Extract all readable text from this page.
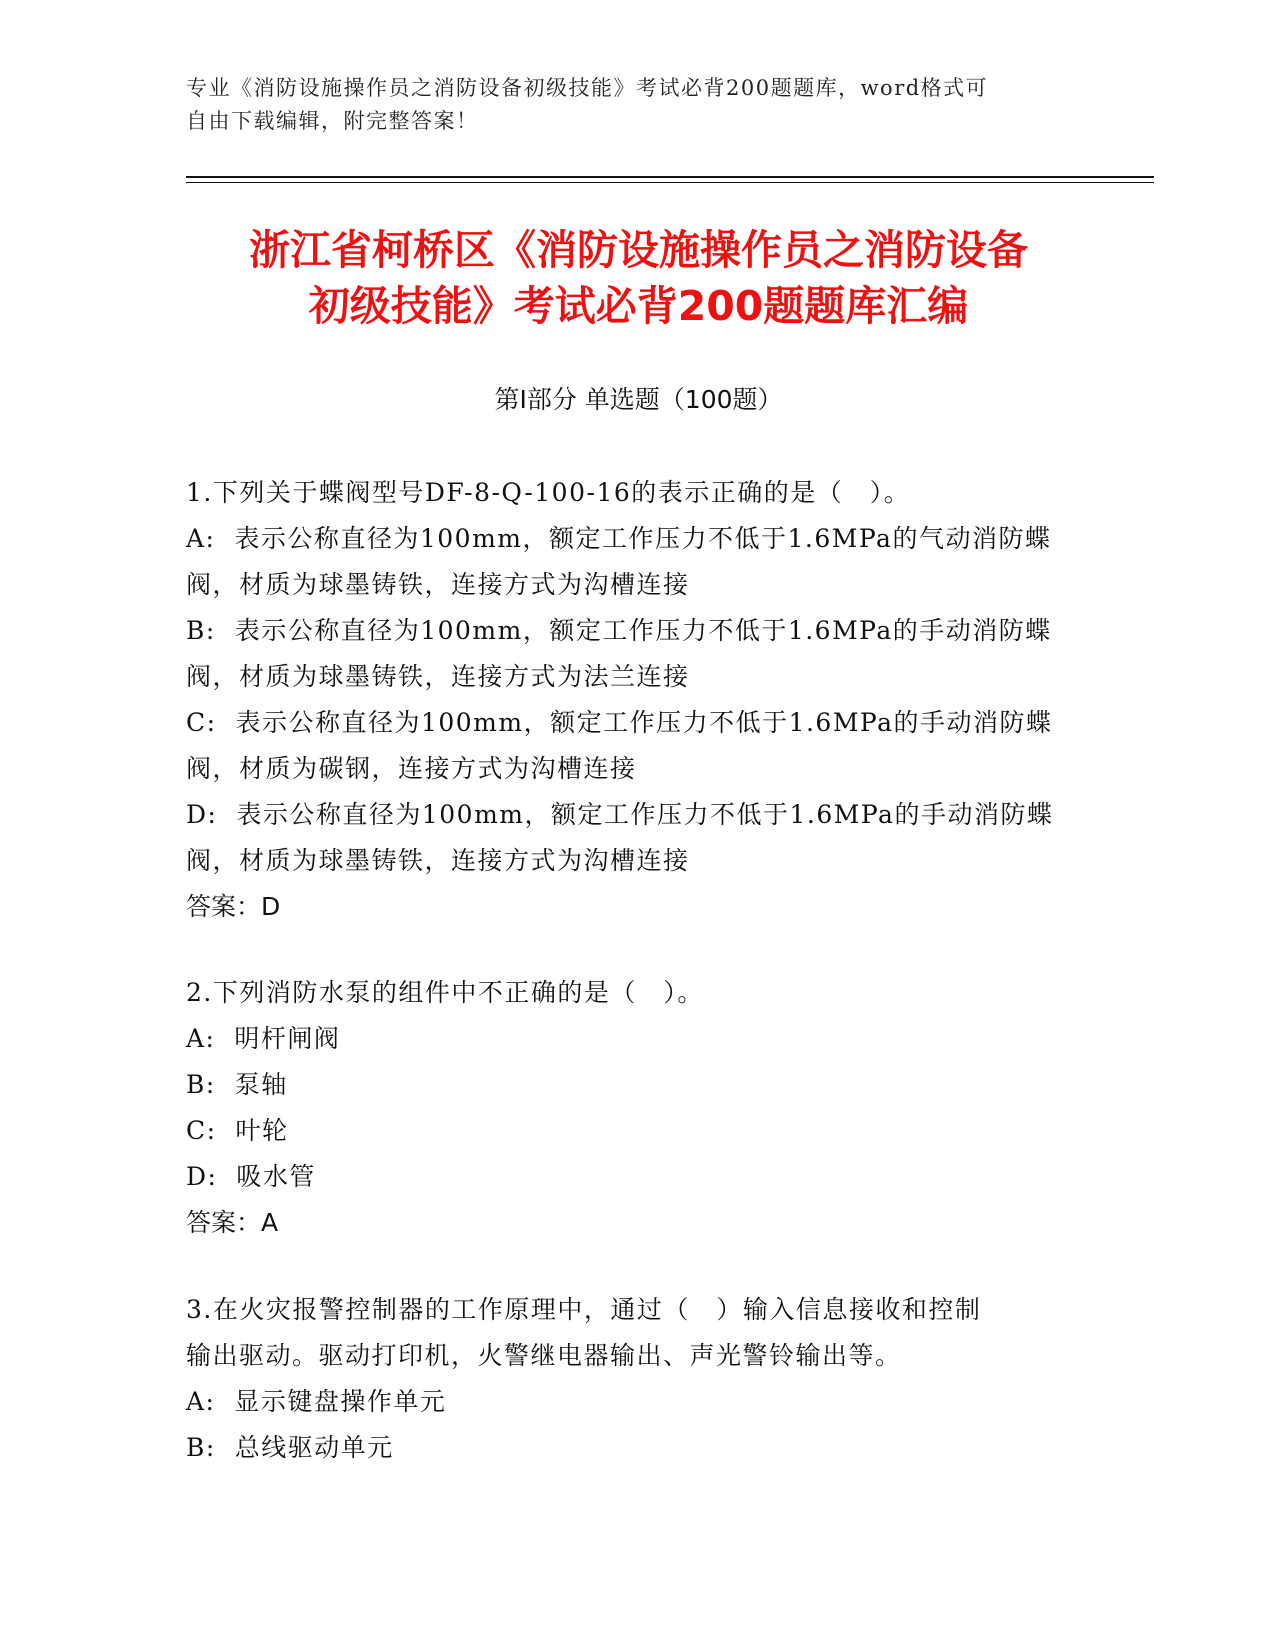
专业《消防设施操作员之消防设备初级技能》考试必背200题题库，word格式可
自由下载编辑，附完整答案！
浙江省柯桥区《消防设施操作员之消防设备
初级技能》考试必背200题题库汇编
第Ⅰ部分 单选题（100题）

1.下列关于蝶阀型号DF-8-Q-100-16的表示正确的是（　）。

A:  表示公称直径为100mm，额定工作压力不低于1.6MPa的气动消防蝶

阀，材质为球墨铸铁，连接方式为沟槽连接

B:  表示公称直径为100mm，额定工作压力不低于1.6MPa的手动消防蝶

阀，材质为球墨铸铁，连接方式为法兰连接

C:  表示公称直径为100mm，额定工作压力不低于1.6MPa的手动消防蝶

阀，材质为碳钢，连接方式为沟槽连接

D:  表示公称直径为100mm，额定工作压力不低于1.6MPa的手动消防蝶

阀，材质为球墨铸铁，连接方式为沟槽连接

答案：D

2.下列消防水泵的组件中不正确的是（　）。

A:  明杆闸阀

B:  泵轴

C:  叶轮

D:  吸水管

答案：A

3.在火灾报警控制器的工作原理中，通过（　）输入信息接收和控制

输出驱动。驱动打印机，火警继电器输出、声光警铃输出等。

A:  显示键盘操作单元

B:  总线驱动单元
